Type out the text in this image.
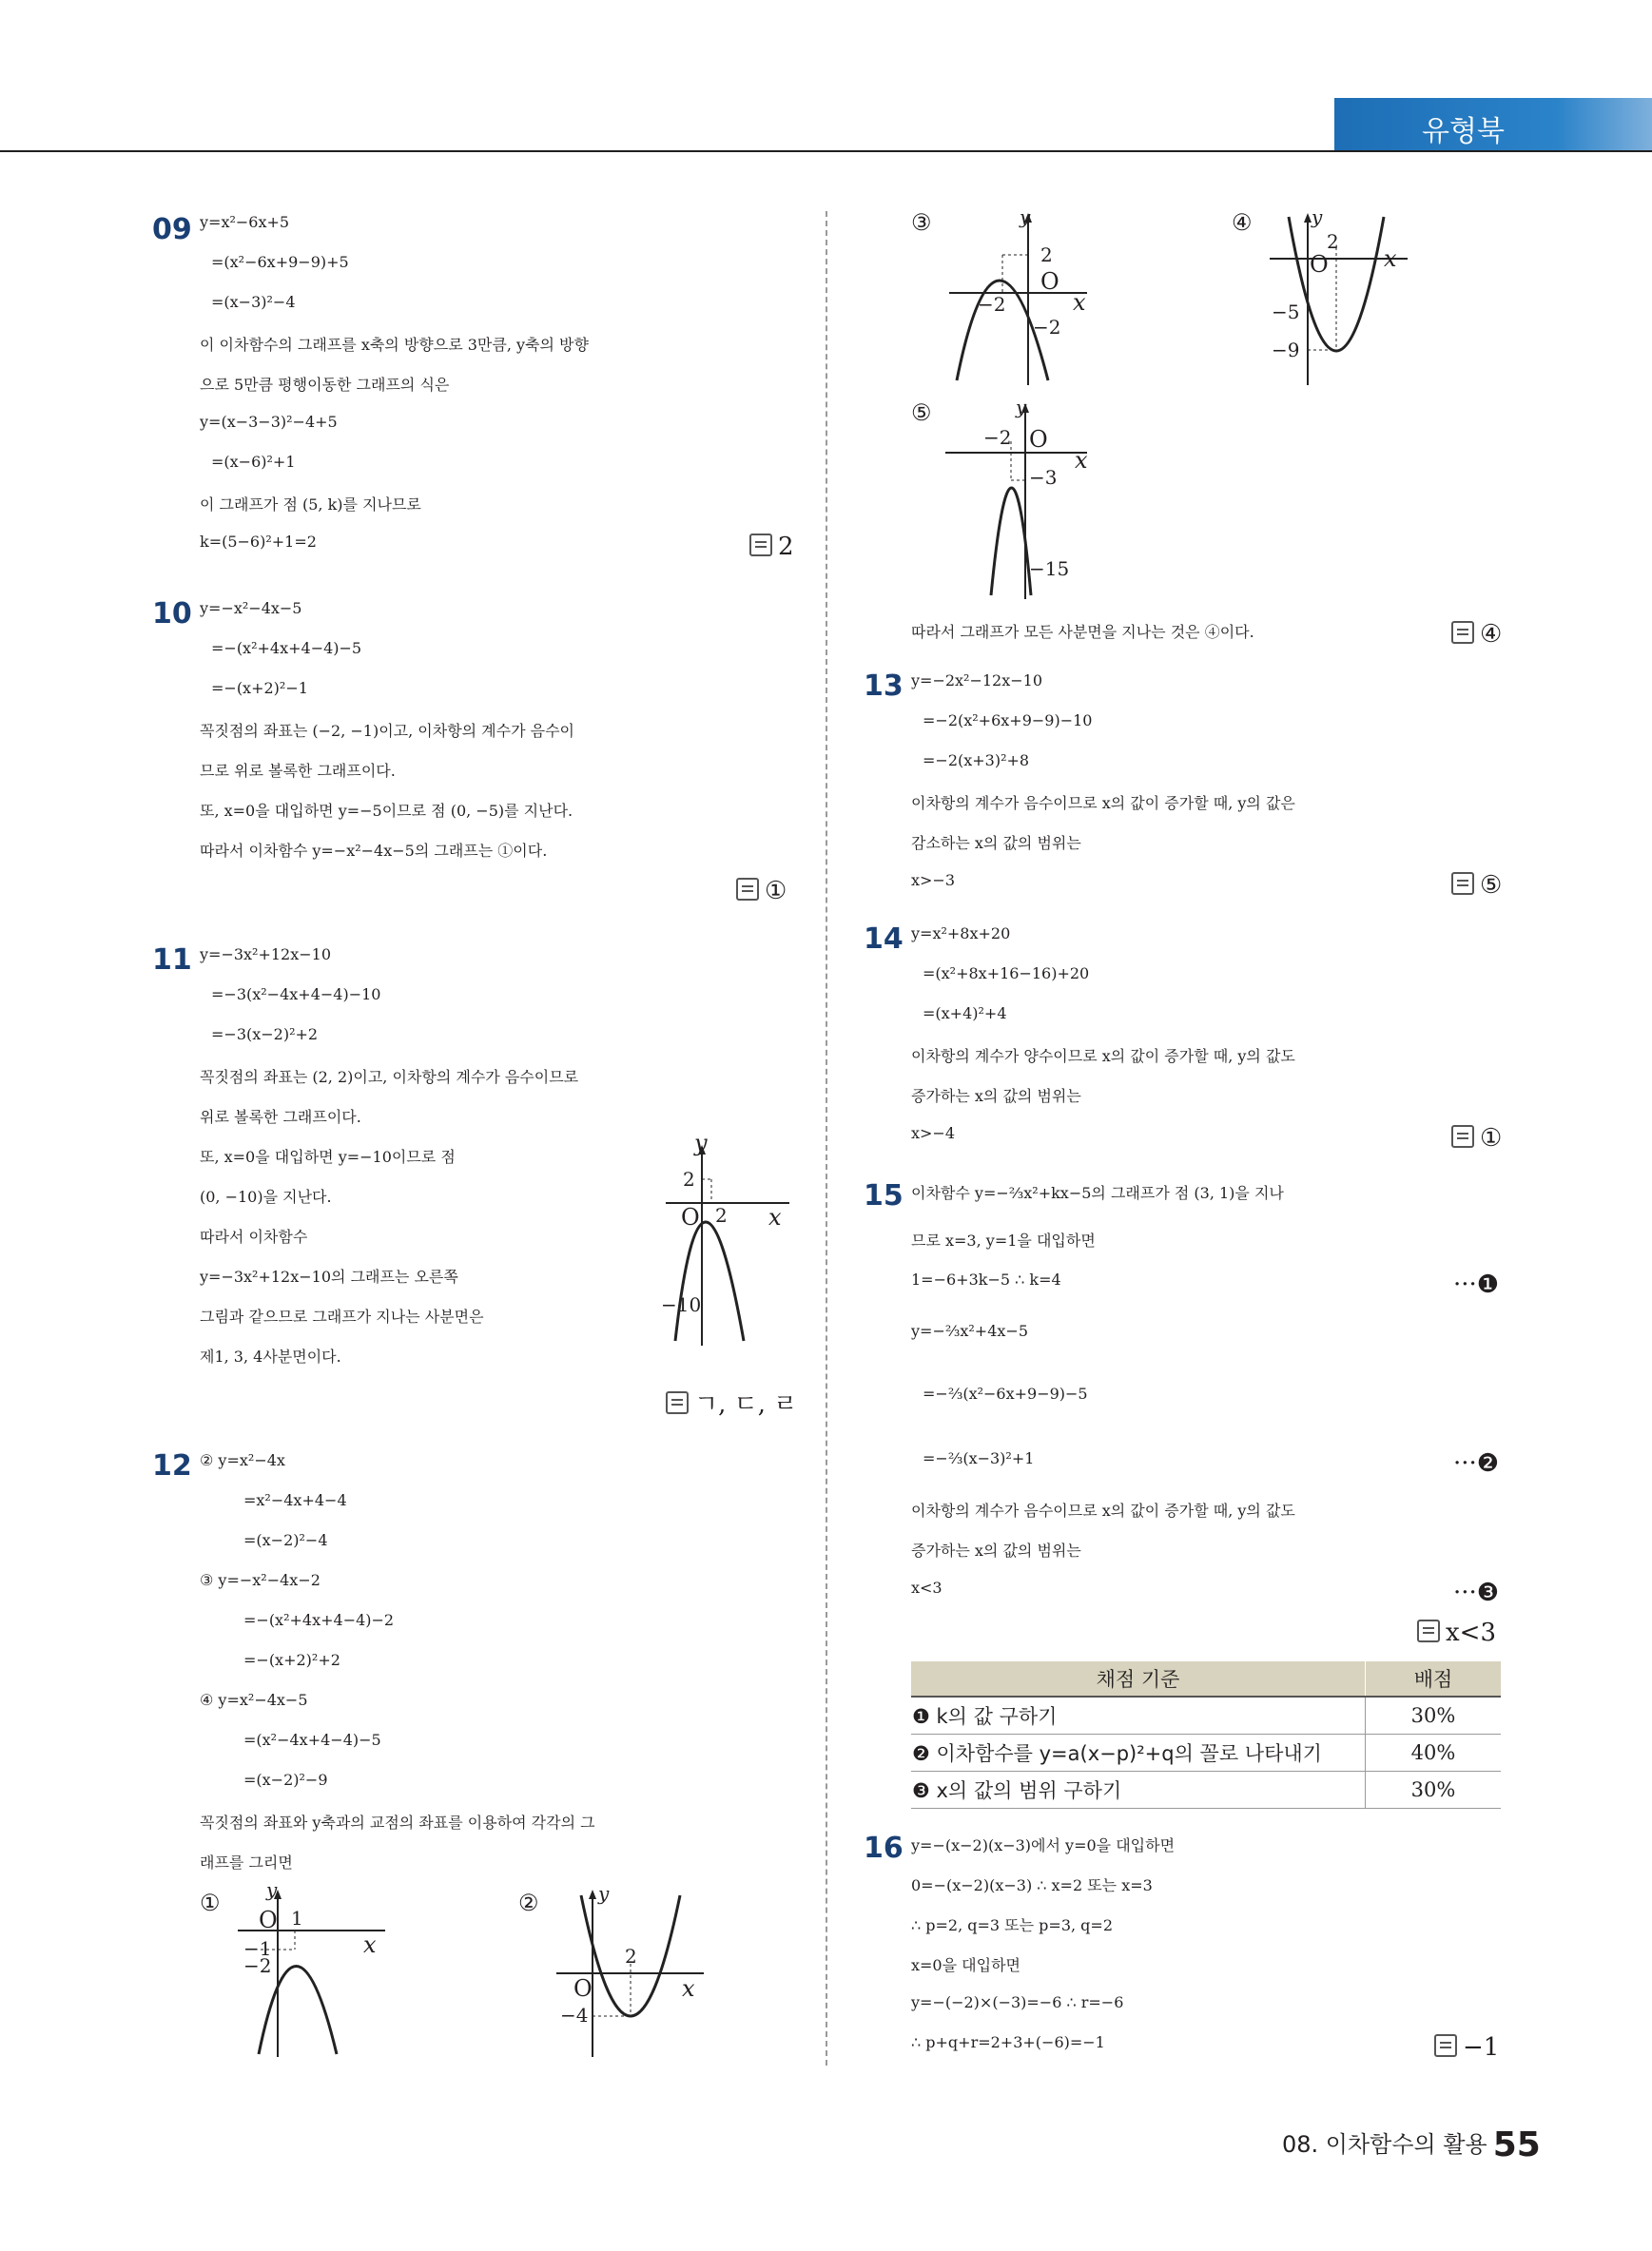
유형북
09 y=x²−6x+5
=(x²−6x+9−9)+5
=(x−3)²−4
이 이차함수의 그래프를 x축의 방향으로 3만큼, y축의 방향
으로 5만큼 평행이동한 그래프의 식은
y=(x−3−3)²−4+5
=(x−6)²+1
이 그래프가 점 (5, k)를 지나므로
k=(5−6)²+1=2	2
10 y=−x²−4x−5
=−(x²+4x+4−4)−5
=−(x+2)²−1
꼭짓점의 좌표는 (−2, −1)이고, 이차항의 계수가 음수이
므로 위로 볼록한 그래프이다.
또, x=0을 대입하면 y=−5이므로 점 (0, −5)를 지난다.
따라서 이차함수 y=−x²−4x−5의 그래프는 ①이다.
①
11 y=−3x²+12x−10
=−3(x²−4x+4−4)−10
=−3(x−2)²+2
꼭짓점의 좌표는 (2, 2)이고, 이차항의 계수가 음수이므로
위로 볼록한 그래프이다.
또, x=0을 대입하면 y=−10이므로 점
(0, −10)을 지난다.
따라서 이차함수
y=−3x²+12x−10의 그래프는 오른쪽
그림과 같으므로 그래프가 지나는 사분면은
제1, 3, 4사분면이다.
ㄱ, ㄷ, ㄹ
y
2
O 2 x
−10
12 ② y=x²−4x
=x²−4x+4−4
=(x−2)²−4
③ y=−x²−4x−2
=−(x²+4x+4−4)−2
=−(x+2)²+2
④ y=x²−4x−5
=(x²−4x+4−4)−5
=(x−2)²−9
꼭짓점의 좌표와 y축과의 교점의 좌표를 이용하여 각각의 그
래프를 그리면
① y
O 1
x
−1
−2
②	y
2
O	x
−4
③	y
2
O
−2	x
−2
④	y
2
O x
−5
−9
⑤	y
−2 O
x
−3
−15
따라서 그래프가 모든 사분면을 지나는 것은 ④이다.	④
13 y=−2x²−12x−10
=−2(x²+6x+9−9)−10
=−2(x+3)²+8
이차항의 계수가 음수이므로 x의 값이 증가할 때, y의 값은
감소하는 x의 값의 범위는
x>−3	⑤
14 y=x²+8x+20
=(x²+8x+16−16)+20
=(x+4)²+4
이차항의 계수가 양수이므로 x의 값이 증가할 때, y의 값도
증가하는 x의 값의 범위는
x>−4	①
15 이차함수 y=−⅔x²+kx−5의 그래프가 점 (3, 1)을 지나
므로 x=3, y=1을 대입하면
1=−6+3k−5 ∴ k=4	···❶
y=−⅔x²+4x−5
=−⅔(x²−6x+9−9)−5
=−⅔(x−3)²+1	···❷
이차항의 계수가 음수이므로 x의 값이 증가할 때, y의 값도
증가하는 x의 값의 범위는
x<3	···❸
x<3
채점 기준	배점
❶ k의 값 구하기	30%
❷ 이차함수를 y=a(x−p)²+q의 꼴로 나타내기	40%
❸ x의 값의 범위 구하기	30%
16 y=−(x−2)(x−3)에서 y=0을 대입하면
0=−(x−2)(x−3) ∴ x=2 또는 x=3
∴ p=2, q=3 또는 p=3, q=2
x=0을 대입하면
y=−(−2)×(−3)=−6 ∴ r=−6
∴ p+q+r=2+3+(−6)=−1	−1
08. 이차함수의 활용 55
